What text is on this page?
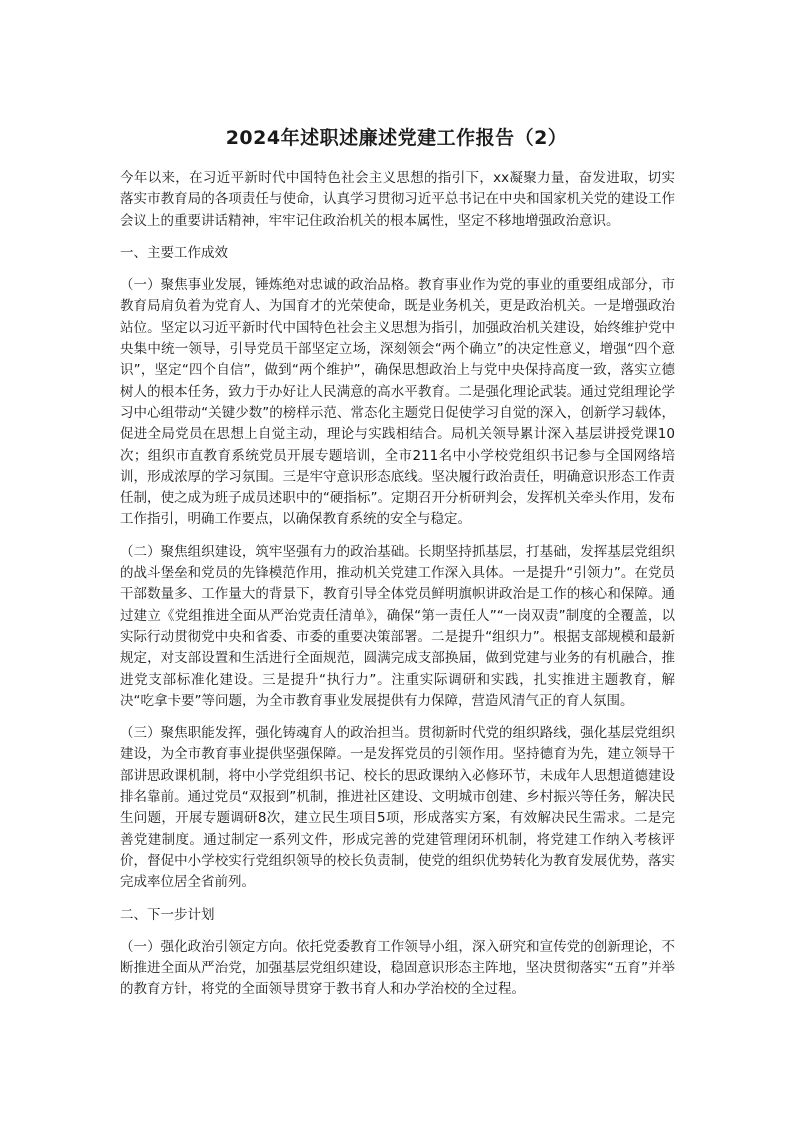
2024年述职述廉述党建工作报告（2）

今年以来，在习近平新时代中国特色社会主义思想的指引下，xx凝聚力量，奋发进取，切实落实市教育局的各项责任与使命，认真学习贯彻习近平总书记在中央和国家机关党的建设工作会议上的重要讲话精神，牢牢记住政治机关的根本属性，坚定不移地增强政治意识。

一、主要工作成效

（一）聚焦事业发展，锤炼绝对忠诚的政治品格。教育事业作为党的事业的重要组成部分，市教育局肩负着为党育人、为国育才的光荣使命，既是业务机关，更是政治机关。一是增强政治站位。坚定以习近平新时代中国特色社会主义思想为指引，加强政治机关建设，始终维护党中央集中统一领导，引导党员干部坚定立场，深刻领会“两个确立”的决定性意义，增强“四个意识”，坚定“四个自信”，做到“两个维护”，确保思想政治上与党中央保持高度一致，落实立德树人的根本任务，致力于办好让人民满意的高水平教育。二是强化理论武装。通过党组理论学习中心组带动“关键少数”的榜样示范、常态化主题党日促使学习自觉的深入，创新学习载体，促进全局党员在思想上自觉主动，理论与实践相结合。局机关领导累计深入基层讲授党课10次；组织市直教育系统党员开展专题培训，全市211名中小学校党组织书记参与全国网络培训，形成浓厚的学习氛围。三是牢守意识形态底线。坚决履行政治责任，明确意识形态工作责任制，使之成为班子成员述职中的“硬指标”。定期召开分析研判会，发挥机关牵头作用，发布工作指引，明确工作要点，以确保教育系统的安全与稳定。

（二）聚焦组织建设，筑牢坚强有力的政治基础。长期坚持抓基层，打基础，发挥基层党组织的战斗堡垒和党员的先锋模范作用，推动机关党建工作深入具体。一是提升“引领力”。在党员干部数量多、工作量大的背景下，教育引导全体党员鲜明旗帜讲政治是工作的核心和保障。通过建立《党组推进全面从严治党责任清单》，确保“第一责任人”“一岗双责”制度的全覆盖，以实际行动贯彻党中央和省委、市委的重要决策部署。二是提升“组织力”。根据支部规模和最新规定，对支部设置和生活进行全面规范，圆满完成支部换届，做到党建与业务的有机融合，推进党支部标准化建设。三是提升“执行力”。注重实际调研和实践，扎实推进主题教育，解决“吃拿卡要”等问题，为全市教育事业发展提供有力保障，营造风清气正的育人氛围。

（三）聚焦职能发挥，强化铸魂育人的政治担当。贯彻新时代党的组织路线，强化基层党组织建设，为全市教育事业提供坚强保障。一是发挥党员的引领作用。坚持德育为先，建立领导干部讲思政课机制，将中小学党组织书记、校长的思政课纳入必修环节，未成年人思想道德建设排名靠前。通过党员“双报到”机制，推进社区建设、文明城市创建、乡村振兴等任务，解决民生问题，开展专题调研8次，建立民生项目5项，形成落实方案，有效解决民生需求。二是完善党建制度。通过制定一系列文件，形成完善的党建管理闭环机制，将党建工作纳入考核评价，督促中小学校实行党组织领导的校长负责制，使党的组织优势转化为教育发展优势，落实完成率位居全省前列。

二、下一步计划

（一）强化政治引领定方向。依托党委教育工作领导小组，深入研究和宣传党的创新理论，不断推进全面从严治党，加强基层党组织建设，稳固意识形态主阵地，坚决贯彻落实“五育”并举的教育方针，将党的全面领导贯穿于教书育人和办学治校的全过程。
